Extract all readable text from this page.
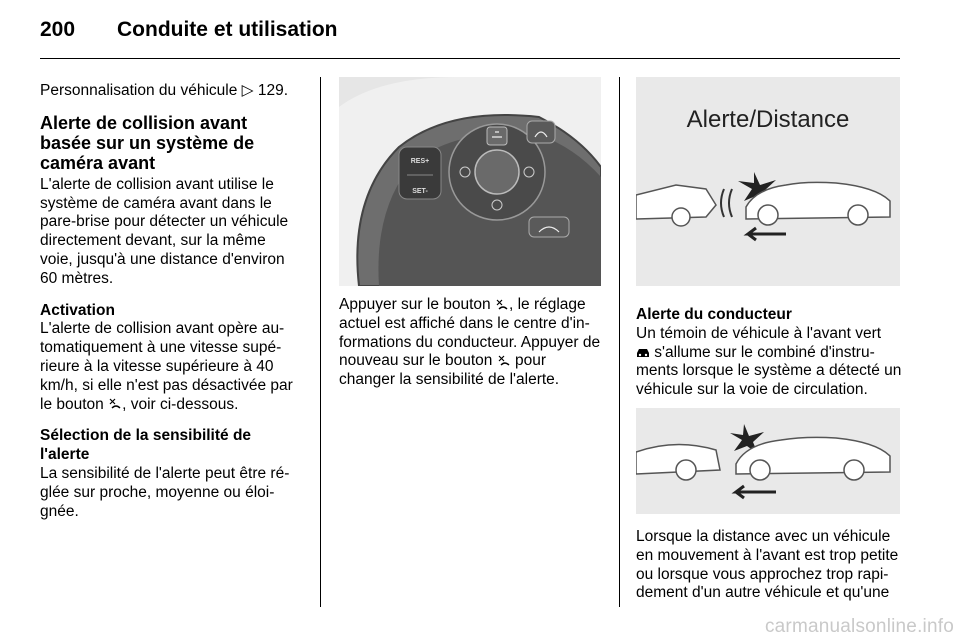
200 Conduite et utilisation

Personnalisation du véhicule ▷ 129.

Alerte de collision avant basée sur un système de caméra avant

L'alerte de collision avant utilise le système de caméra avant dans le pare-brise pour détecter un véhicule directement devant, sur la même voie, jusqu'à une distance d'environ 60 mètres.

Activation

L'alerte de collision avant opère au-tomatiquement à une vitesse supé-rieure à la vitesse supérieure à 40 km/h, si elle n'est pas désactivée par le bouton , voir ci-dessous.

Sélection de la sensibilité de l'alerte

La sensibilité de l'alerte peut être ré-glée sur proche, moyenne ou éloi-gnée.

RES+
SET-

Appuyer sur le bouton , le réglage actuel est affiché dans le centre d'in-formations du conducteur. Appuyer de nouveau sur le bouton  pour changer la sensibilité de l'alerte.

Alerte/Distance

Alerte du conducteur

Un témoin de véhicule à l'avant vert
s'allume sur le combiné d'instru-ments lorsque le système a détecté un véhicule sur la voie de circulation.

Lorsque la distance avec un véhicule en mouvement à l'avant est trop petite ou lorsque vous approchez trop rapi-dement d'un autre véhicule et qu'une

carmanualsonline.info
